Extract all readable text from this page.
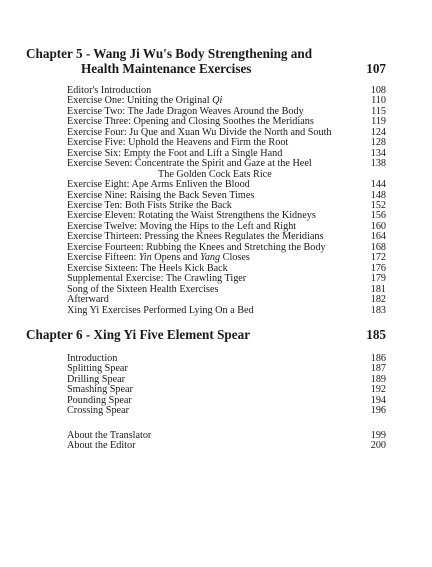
Chapter 5 - Wang Ji Wu's Body Strengthening and
Health Maintenance Exercises	107
Editor's Introduction	108
Exercise One: Uniting the Original Qi	110
Exercise Two: The Jade Dragon Weaves Around the Body	115
Exercise Three: Opening and Closing Soothes the Meridians	119
Exercise Four: Ju Que and Xuan Wu Divide the North and South	124
Exercise Five: Uphold the Heavens and Firm the Root	128
Exercise Six: Empty the Foot and Lift a Single Hand	134
Exercise Seven: Concentrate the Spirit and Gaze at the Heel	138
The Golden Cock Eats Rice
Exercise Eight: Ape Arms Enliven the Blood	144
Exercise Nine: Raising the Back Seven Times	148
Exercise Ten: Both Fists Strike the Back	152
Exercise Eleven: Rotating the Waist Strengthens the Kidneys	156
Exercise Twelve: Moving the Hips to the Left and Right	160
Exercise Thirteen: Pressing the Knees Regulates the Meridians	164
Exercise Fourteen: Rubbing the Knees and Stretching the Body	168
Exercise Fifteen: Yin Opens and Yang Closes	172
Exercise Sixteen: The Heels Kick Back	176
Supplemental Exercise: The Crawling Tiger	179
Song of the Sixteen Health Exercises	181
Afterward	182
Xing Yi Exercises Performed Lying On a Bed	183
Chapter 6 - Xing Yi Five Element Spear	185
Introduction	186
Splitting Spear	187
Drilling Spear	189
Smashing Spear	192
Pounding Spear	194
Crossing Spear	196
About the Translator	199
About the Editor	200
